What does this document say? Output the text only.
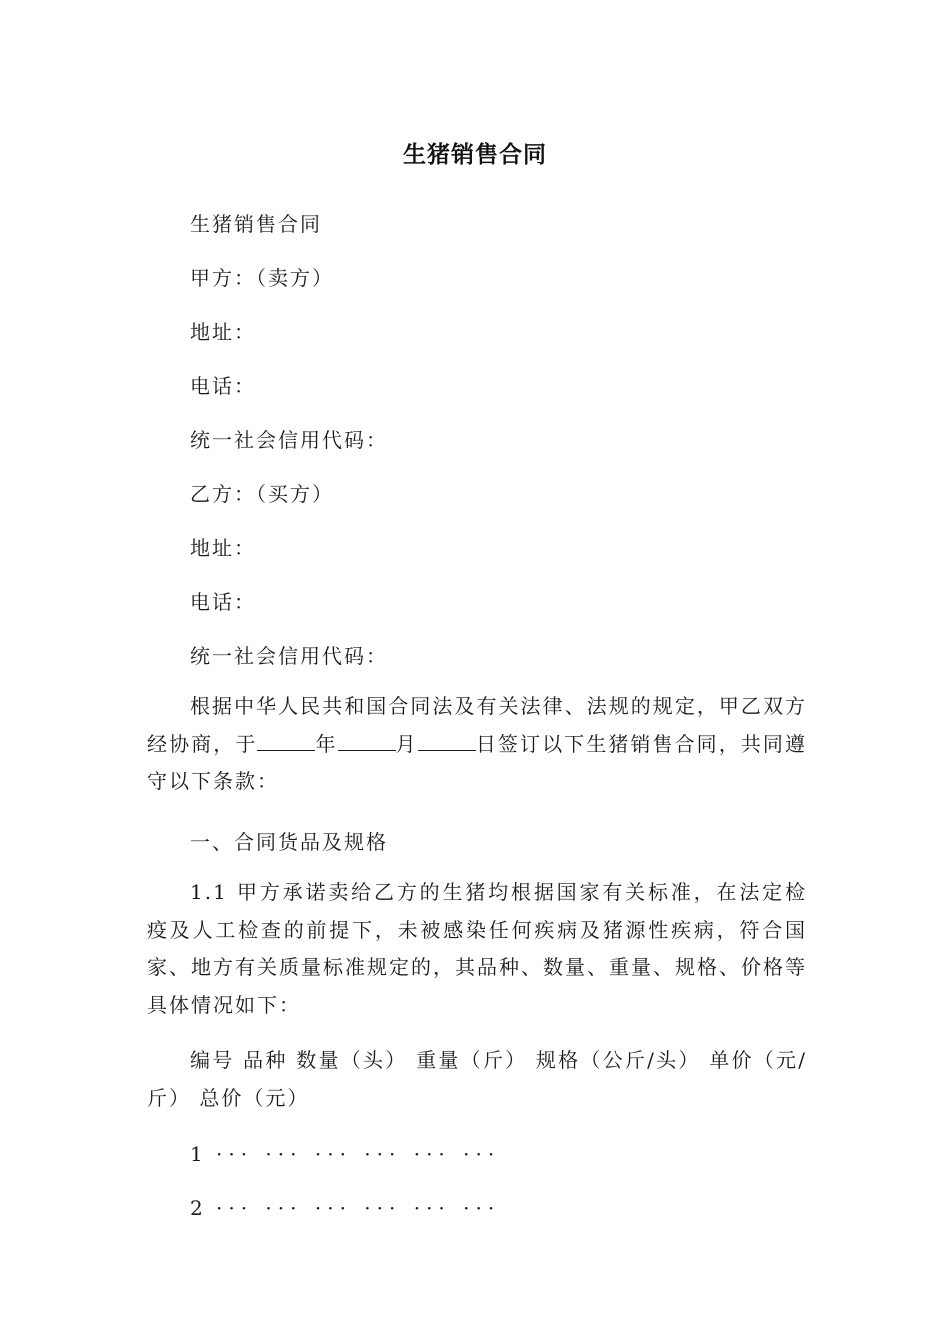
生猪销售合同
生猪销售合同
甲方：（卖方）
地址：
电话：
统一社会信用代码：
乙方：（买方）
地址：
电话：
统一社会信用代码：
根据中华人民共和国合同法及有关法律、法规的规定，甲乙双方经协商，于	年	月	日签订以下生猪销售合同，共同遵守以下条款：
一、合同货品及规格
1.1 甲方承诺卖给乙方的生猪均根据国家有关标准，在法定检疫及人工检查的前提下，未被感染任何疾病及猪源性疾病，符合国家、地方有关质量标准规定的，其品种、数量、重量、规格、价格等具体情况如下：
编号 品种 数量（头） 重量（斤） 规格（公斤/头） 单价（元/斤） 总价（元）
1 ··· ··· ··· ··· ··· ···
2 ··· ··· ··· ··· ··· ···
